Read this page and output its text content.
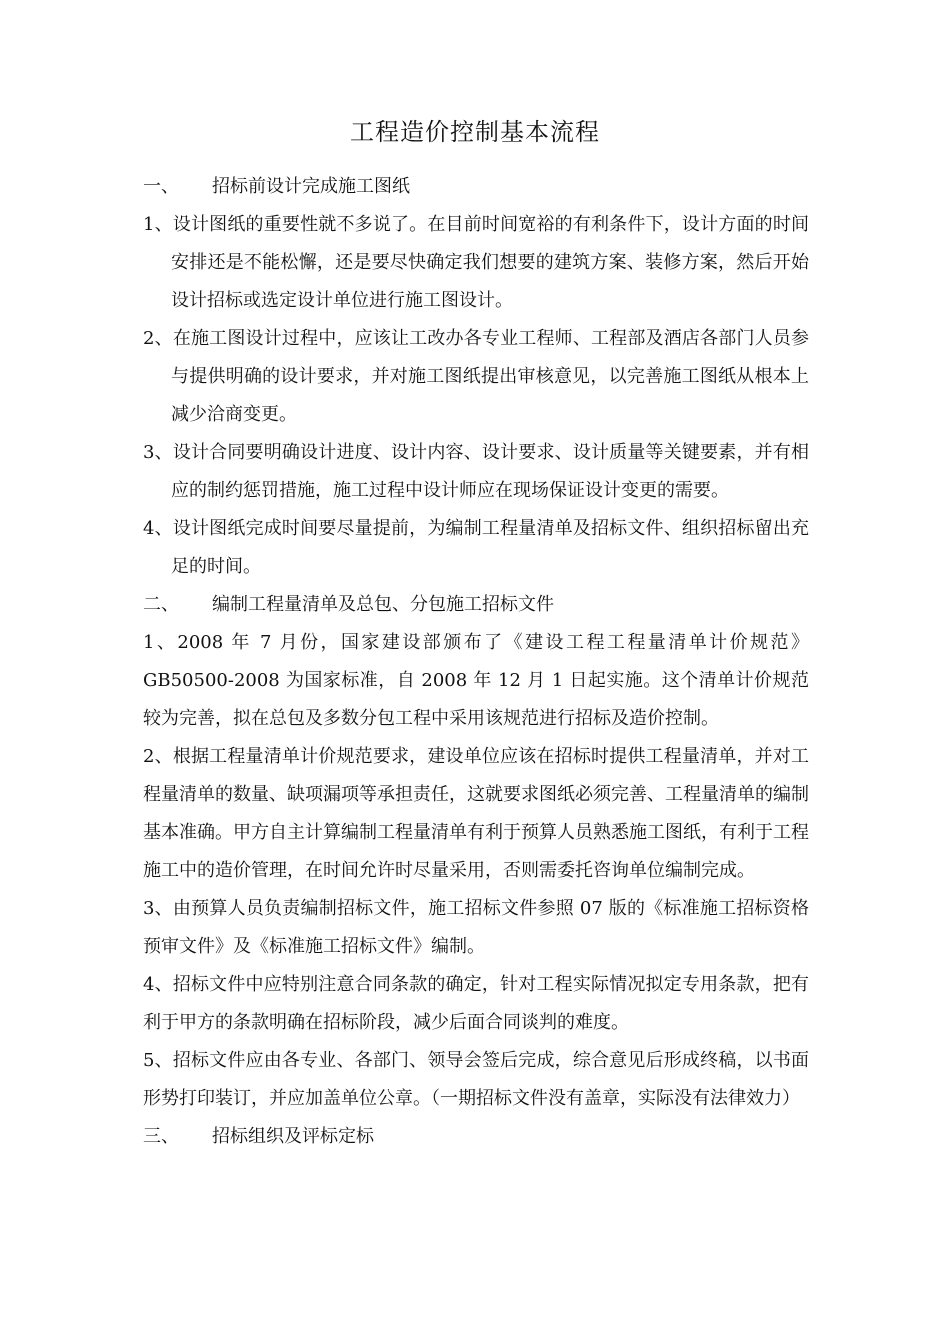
工程造价控制基本流程

一、	招标前设计完成施工图纸

1、设计图纸的重要性就不多说了。在目前时间宽裕的有利条件下，设计方面的时间安排还是不能松懈，还是要尽快确定我们想要的建筑方案、装修方案，然后开始设计招标或选定设计单位进行施工图设计。

2、在施工图设计过程中，应该让工改办各专业工程师、工程部及酒店各部门人员参与提供明确的设计要求，并对施工图纸提出审核意见，以完善施工图纸从根本上减少洽商变更。

3、设计合同要明确设计进度、设计内容、设计要求、设计质量等关键要素，并有相应的制约惩罚措施，施工过程中设计师应在现场保证设计变更的需要。

4、设计图纸完成时间要尽量提前，为编制工程量清单及招标文件、组织招标留出充足的时间。

二、	编制工程量清单及总包、分包施工招标文件

1、2008 年 7 月份，国家建设部颁布了《建设工程工程量清单计价规范》GB50500-2008 为国家标准，自 2008 年 12 月 1 日起实施。这个清单计价规范较为完善，拟在总包及多数分包工程中采用该规范进行招标及造价控制。

2、根据工程量清单计价规范要求，建设单位应该在招标时提供工程量清单，并对工程量清单的数量、缺项漏项等承担责任，这就要求图纸必须完善、工程量清单的编制基本准确。甲方自主计算编制工程量清单有利于预算人员熟悉施工图纸，有利于工程施工中的造价管理，在时间允许时尽量采用，否则需委托咨询单位编制完成。

3、由预算人员负责编制招标文件，施工招标文件参照 07 版的《标准施工招标资格预审文件》及《标准施工招标文件》编制。

4、招标文件中应特别注意合同条款的确定，针对工程实际情况拟定专用条款，把有利于甲方的条款明确在招标阶段，减少后面合同谈判的难度。

5、招标文件应由各专业、各部门、领导会签后完成，综合意见后形成终稿，以书面形势打印装订，并应加盖单位公章。（一期招标文件没有盖章，实际没有法律效力）

三、	招标组织及评标定标
